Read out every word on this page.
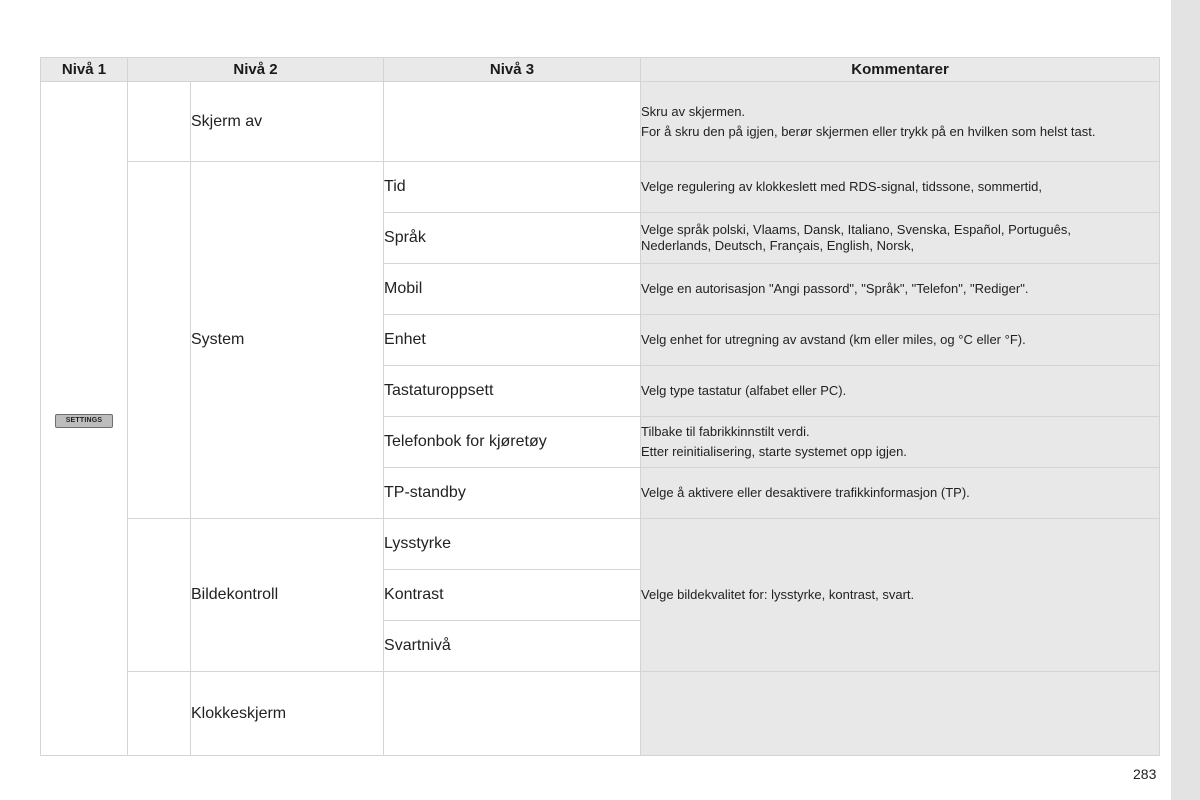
Nivå 1	Nivå 2		Nivå 3	Kommentarer
SETTINGS		Skjerm av		Skru av skjermen.
For å skru den på igjen, berør skjermen eller trykk på en hvilken som helst tast.

		System	Tid	Velge regulering av klokkeslett med RDS-signal, tidssone, sommertid,
			Språk	Velge språk polski, Vlaams, Dansk, Italiano, Svenska, Español, Português,
Nederlands, Deutsch, Français, English, Norsk,

			Mobil	Velge en autorisasjon "Angi passord", "Språk", "Telefon", "Rediger".
			Enhet	Velg enhet for utregning av avstand (km eller miles, og °C eller °F).
			Tastaturoppsett	Velg type tastatur (alfabet eller PC).
			Telefonbok for kjøretøy	Tilbake til fabrikkinnstilt verdi.
Etter reinitialisering, starte systemet opp igjen.

			TP-standby	Velge å aktivere eller desaktivere trafikkinformasjon (TP).
		Bildekontroll	Lysstyrke	Velge bildekvalitet for: lysstyrke, kontrast, svart.
			Kontrast	
			Svartnivå	
		Klokkeskjerm		
283
